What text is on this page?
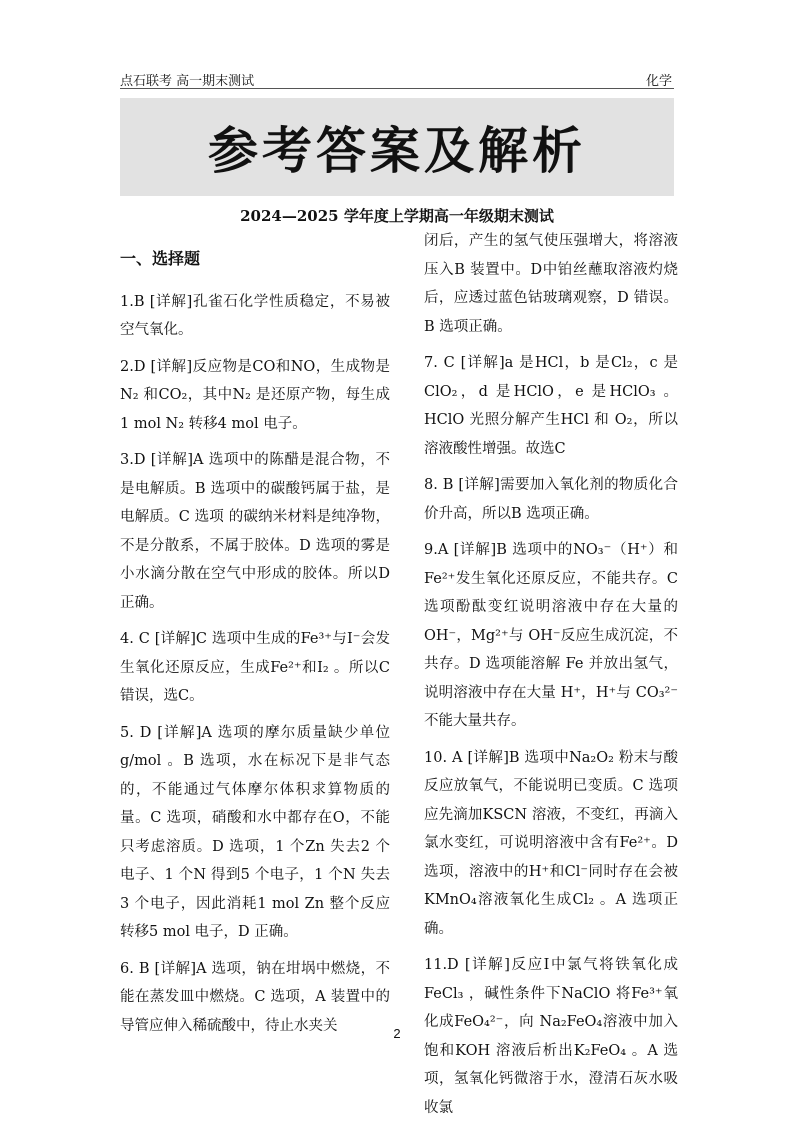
点石联考 高一期末测试	化学
参考答案及解析
2024—2025 学年度上学期高一年级期末测试
一、选择题

1.B [详解]孔雀石化学性质稳定，不易被空气氧化。

2.D [详解]反应物是CO和NO，生成物是N₂ 和CO₂，其中N₂ 是还原产物，每生成1 mol N₂ 转移4 mol 电子。

3.D [详解]A 选项中的陈醋是混合物，不是电解质。B 选项中的碳酸钙属于盐，是电解质。C 选项 的碳纳米材料是纯净物，不是分散系，不属于胶体。D 选项的雾是小水滴分散在空气中形成的胶体。所以D 正确。

4. C [详解]C 选项中生成的Fe³⁺与I⁻会发生氧化还原反应，生成Fe²⁺和I₂ 。所以C 错误，选C。

5. D [详解]A 选项的摩尔质量缺少单位g/mol 。B 选项，水在标况下是非气态的，不能通过气体摩尔体积求算物质的量。C 选项，硝酸和水中都存在O，不能只考虑溶质。D 选项，1 个Zn 失去2 个电子、1 个N 得到5 个电子，1 个N 失去3 个电子，因此消耗1 mol Zn 整个反应转移5 mol 电子，D 正确。

6. B [详解]A 选项，钠在坩埚中燃烧，不能在蒸发皿中燃烧。C 选项，A 装置中的导管应伸入稀硫酸中，待止水夹关

闭后，产生的氢气使压强增大，将溶液压入B 装置中。D中铂丝蘸取溶液灼烧后，应透过蓝色钴玻璃观察，D 错误。B 选项正确。

7. C [详解]a 是HCl，b 是Cl₂，c 是ClO₂，d 是HClO，e 是HClO₃ 。HClO 光照分解产生HCl 和 O₂，所以溶液酸性增强。故选C

8. B [详解]需要加入氧化剂的物质化合价升高，所以B 选项正确。

9.A [详解]B 选项中的NO₃⁻（H⁺）和Fe²⁺发生氧化还原反应，不能共存。C 选项酚酞变红说明溶液中存在大量的 OH⁻，Mg²⁺与 OH⁻反应生成沉淀，不共存。D 选项能溶解 Fe 并放出氢气，说明溶液中存在大量 H⁺，H⁺与 CO₃²⁻不能大量共存。

10. A [详解]B 选项中Na₂O₂ 粉末与酸反应放氧气，不能说明已变质。C 选项应先滴加KSCN 溶液，不变红，再滴入氯水变红，可说明溶液中含有Fe²⁺。D 选项，溶液中的H⁺和Cl⁻同时存在会被KMnO₄溶液氧化生成Cl₂ 。A 选项正确。

11.D [详解]反应I中氯气将铁氧化成FeCl₃ ，碱性条件下NaClO 将Fe³⁺氧化成FeO₄²⁻，向 Na₂FeO₄溶液中加入饱和KOH 溶液后析出K₂FeO₄ 。A 选项，氢氧化钙微溶于水，澄清石灰水吸收氯

2
